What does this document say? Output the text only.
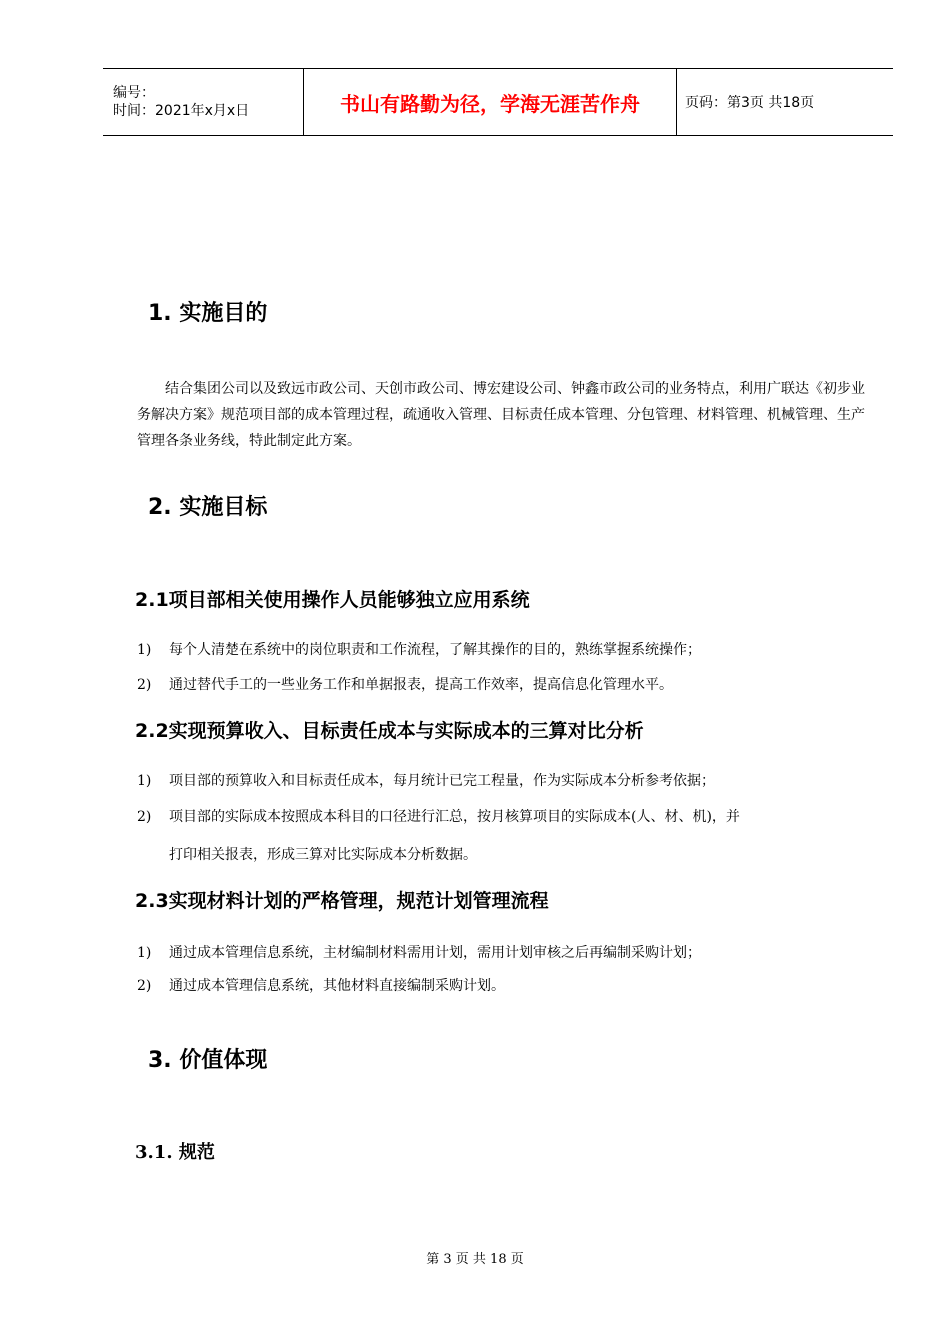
编号：
时间：2021年x月x日	书山有路勤为径，学海无涯苦作舟	页码：第3页 共18页
1. 实施目的
结合集团公司以及致远市政公司、天创市政公司、博宏建设公司、钟鑫市政公司的业务特点，利用广联达《初步业务解决方案》规范项目部的成本管理过程，疏通收入管理、目标责任成本管理、分包管理、材料管理、机械管理、生产管理各条业务线，特此制定此方案。
2. 实施目标
2.1项目部相关使用操作人员能够独立应用系统
1) 每个人清楚在系统中的岗位职责和工作流程，了解其操作的目的，熟练掌握系统操作；
2) 通过替代手工的一些业务工作和单据报表，提高工作效率，提高信息化管理水平。
2.2实现预算收入、目标责任成本与实际成本的三算对比分析
1) 项目部的预算收入和目标责任成本，每月统计已完工程量，作为实际成本分析参考依据；
2) 项目部的实际成本按照成本科目的口径进行汇总，按月核算项目的实际成本(人、材、机)，并
打印相关报表，形成三算对比实际成本分析数据。
2.3实现材料计划的严格管理，规范计划管理流程
1) 通过成本管理信息系统，主材编制材料需用计划，需用计划审核之后再编制采购计划；
2) 通过成本管理信息系统，其他材料直接编制采购计划。
3. 价值体现
3.1. 规范
第 3 页 共 18 页
